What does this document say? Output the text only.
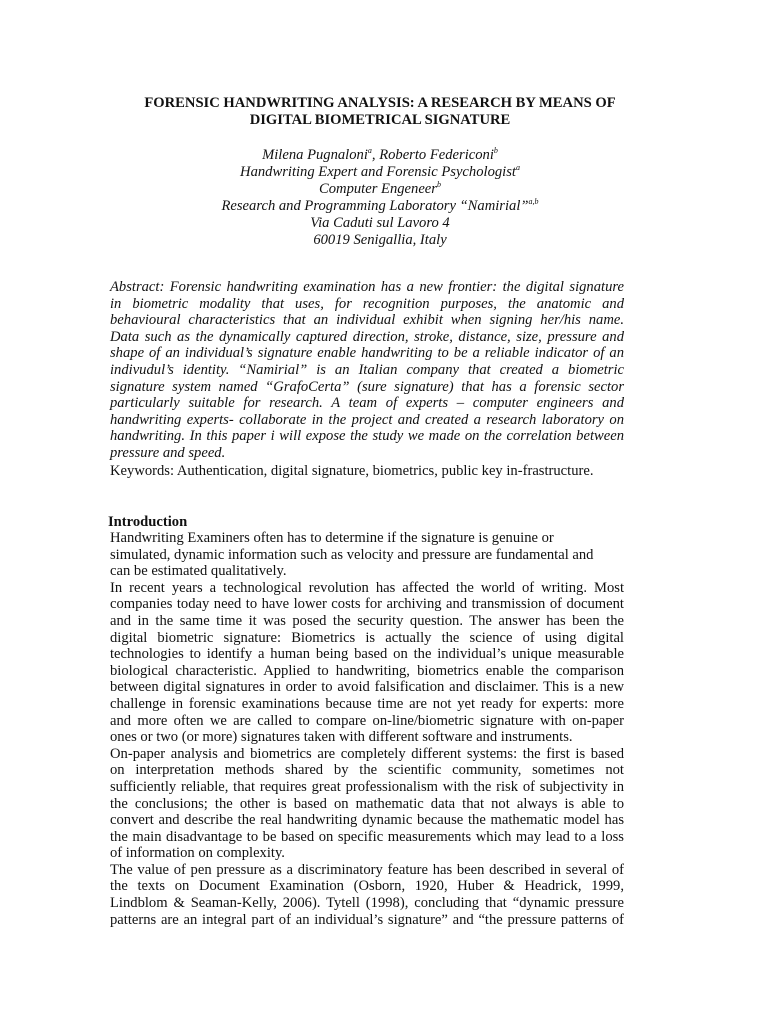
FORENSIC HANDWRITING ANALYSIS: A RESEARCH BY MEANS OF
DIGITAL BIOMETRICAL SIGNATURE
Milena Pugnaloni$^a$, Roberto Federiconi$^b$
Handwriting Expert and Forensic Psychologist$^a$
Computer Engeneer$^b$
Research and Programming Laboratory “Namirial”$^{a,b}$
Via Caduti sul Lavoro 4
60019 Senigallia, Italy
Abstract: Forensic handwriting examination has a new frontier: the digital signature
in biometric modality that uses, for recognition purposes, the anatomic and
behavioural characteristics that an individual exhibit when signing her/his name.
Data such as the dynamically captured direction, stroke, distance, size, pressure and
shape of an individual’s signature enable handwriting to be a reliable indicator of an
indivudul’s identity. “Namirial” is an Italian company that created a biometric
signature system named “GrafoCerta” (sure signature) that has a forensic sector
particularly suitable for research. A team of experts – computer engineers and
handwriting experts- collaborate in the project and created a research laboratory on
handwriting. In this paper i will expose the study we made on the correlation between
pressure and speed.
Keywords: Authentication, digital signature, biometrics, public key in-frastructure.
Introduction
Handwriting Examiners often has to determine if the signature is genuine or
simulated, dynamic information such as velocity and pressure are fundamental and
can be estimated qualitatively.
In recent years a technological revolution has affected the world of writing. Most
companies today need to have lower costs for archiving and transmission of document
and in the same time it was posed the security question. The answer has been the
digital biometric signature: Biometrics is actually the science of using digital
technologies to identify a human being based on the individual’s unique measurable
biological characteristic. Applied to handwriting, biometrics enable the comparison
between digital signatures in order to avoid falsification and disclaimer. This is a new
challenge in forensic examinations because time are not yet ready for experts: more
and more often we are called to compare on-line/biometric signature with on-paper
ones or two (or more) signatures taken with different software and instruments.
On-paper analysis and biometrics are completely different systems: the first is based
on interpretation methods shared by the scientific community, sometimes not
sufficiently reliable, that requires great professionalism with the risk of subjectivity in
the conclusions; the other is based on mathematic data that not always is able to
convert and describe the real handwriting dynamic because the mathematic model has
the main disadvantage to be based on specific measurements which may lead to a loss
of information on complexity.
The value of pen pressure as a discriminatory feature has been described in several of
the texts on Document Examination (Osborn, 1920, Huber & Headrick, 1999,
Lindblom & Seaman-Kelly, 2006). Tytell (1998), concluding that “dynamic pressure
patterns are an integral part of an individual’s signature” and “the pressure patterns of
